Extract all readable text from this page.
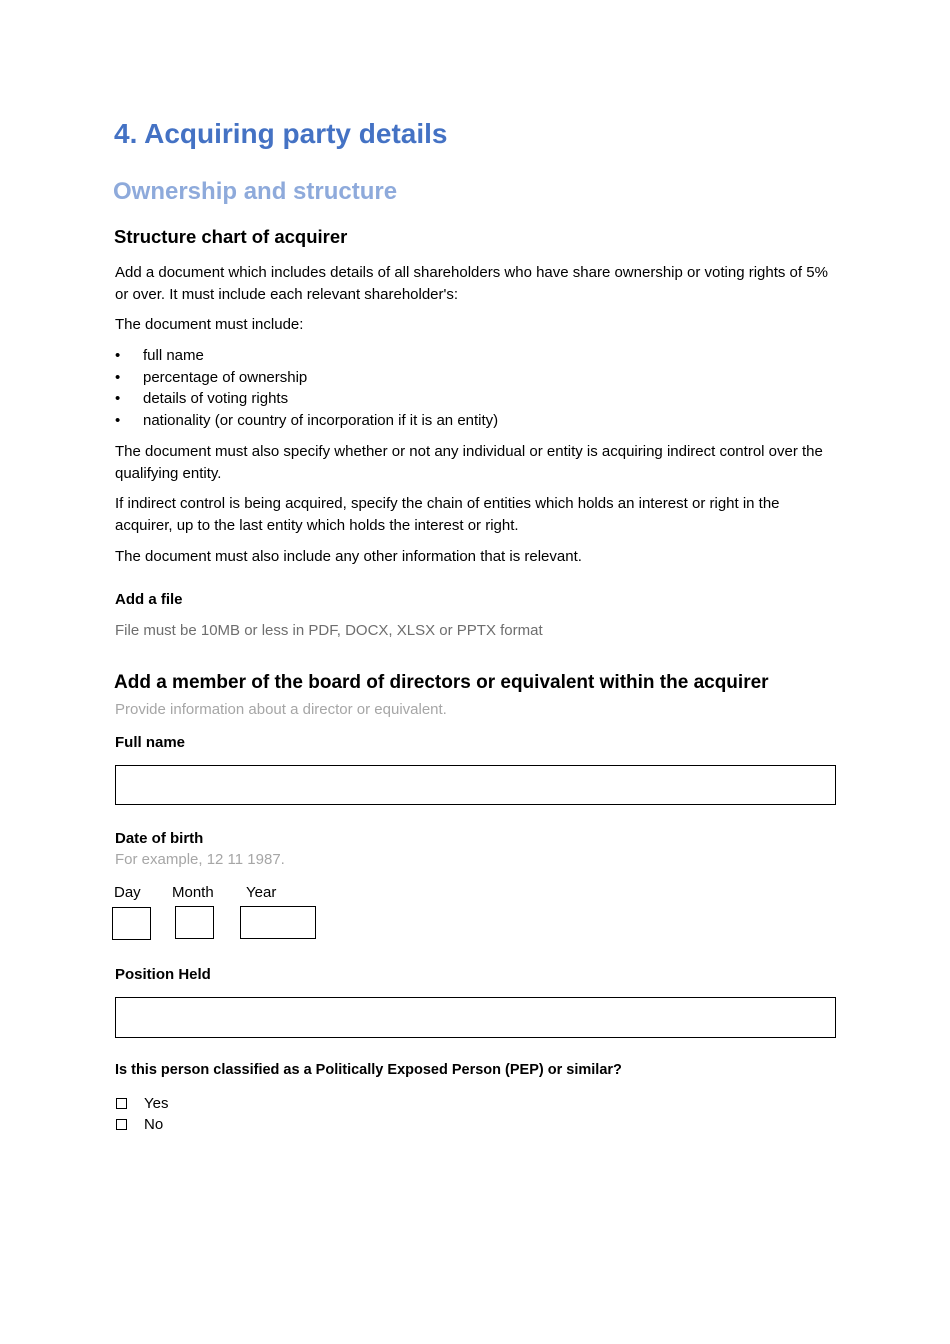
4. Acquiring party details
Ownership and structure
Structure chart of acquirer
Add a document which includes details of all shareholders who have share ownership or voting rights of 5% or over. It must include each relevant shareholder's:
The document must include:
• full name
• percentage of ownership
• details of voting rights
• nationality (or country of incorporation if it is an entity)
The document must also specify whether or not any individual or entity is acquiring indirect control over the qualifying entity.
If indirect control is being acquired, specify the chain of entities which holds an interest or right in the acquirer, up to the last entity which holds the interest or right.
The document must also include any other information that is relevant.
Add a file
File must be 10MB or less in PDF, DOCX, XLSX or PPTX format
Add a member of the board of directors or equivalent within the acquirer
Provide information about a director or equivalent.
Full name
Date of birth
For example, 12 11 1987.
Day Month Year
Position Held
Is this person classified as a Politically Exposed Person (PEP) or similar?
Yes
No
